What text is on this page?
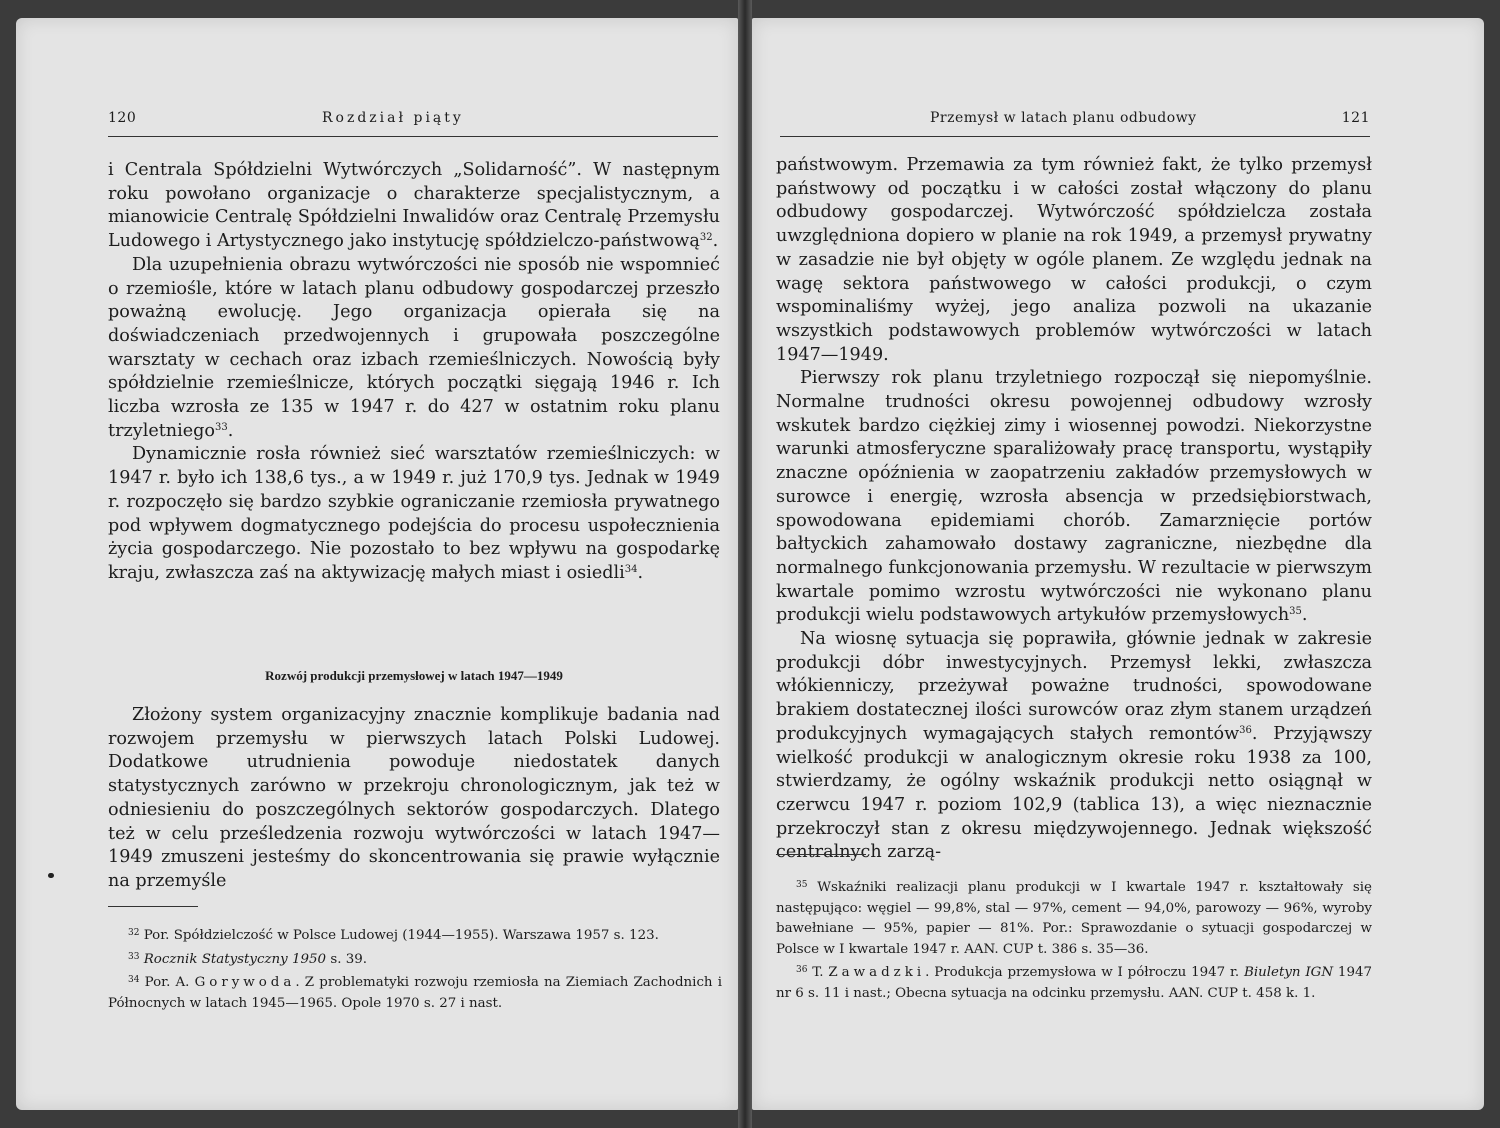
120	Rozdział piąty

i Centrala Spółdzielni Wytwórczych „Solidarność”. W następnym roku powołano organizacje o charakterze specjalistycznym, a mianowicie Centralę Spółdzielni Inwalidów oraz Centralę Przemysłu Ludowego i Artystycznego jako instytucję spółdzielczo-państwową$^{32}$.

Dla uzupełnienia obrazu wytwórczości nie sposób nie wspomnieć o rzemiośle, które w latach planu odbudowy gospodarczej przeszło poważną ewolucję. Jego organizacja opierała się na doświadczeniach przedwojennych i grupowała poszczególne warsztaty w cechach oraz izbach rzemieślniczych. Nowością były spółdzielnie rzemieślnicze, których początki sięgają 1946 r. Ich liczba wzrosła ze 135 w 1947 r. do 427 w ostatnim roku planu trzyletniego$^{33}$.

Dynamicznie rosła również sieć warsztatów rzemieślniczych: w 1947 r. było ich 138,6 tys., a w 1949 r. już 170,9 tys. Jednak w 1949 r. rozpoczęło się bardzo szybkie ograniczanie rzemiosła prywatnego pod wpływem dogmatycznego podejścia do procesu uspołecznienia życia gospodarczego. Nie pozostało to bez wpływu na gospodarkę kraju, zwłaszcza zaś na aktywizację małych miast i osiedli$^{34}$.

Rozwój produkcji przemysłowej w latach 1947—1949

Złożony system organizacyjny znacznie komplikuje badania nad rozwojem przemysłu w pierwszych latach Polski Ludowej. Dodatkowe utrudnienia powoduje niedostatek danych statystycznych zarówno w przekroju chronologicznym, jak też w odniesieniu do poszczególnych sektorów gospodarczych. Dlatego też w celu prześledzenia rozwoju wytwórczości w latach 1947—1949 zmuszeni jesteśmy do skoncentrowania się prawie wyłącznie na przemyśle

$^{32}$ Por. Spółdzielczość w Polsce Ludowej (1944—1955). Warszawa 1957 s. 123.

$^{33}$ Rocznik Statystyczny 1950 s. 39.

$^{34}$ Por. A. Gorywoda. Z problematyki rozwoju rzemiosła na Ziemiach Zachodnich i Północnych w latach 1945—1965. Opole 1970 s. 27 i nast.

Przemysł w latach planu odbudowy	121

państwowym. Przemawia za tym również fakt, że tylko przemysł państwowy od początku i w całości został włączony do planu odbudowy gospodarczej. Wytwórczość spółdzielcza została uwzględniona dopiero w planie na rok 1949, a przemysł prywatny w zasadzie nie był objęty w ogóle planem. Ze względu jednak na wagę sektora państwowego w całości produkcji, o czym wspominaliśmy wyżej, jego analiza pozwoli na ukazanie wszystkich podstawowych problemów wytwórczości w latach 1947—1949.

Pierwszy rok planu trzyletniego rozpoczął się niepomyślnie. Normalne trudności okresu powojennej odbudowy wzrosły wskutek bardzo ciężkiej zimy i wiosennej powodzi. Niekorzystne warunki atmosferyczne sparaliżowały pracę transportu, wystąpiły znaczne opóźnienia w zaopatrzeniu zakładów przemysłowych w surowce i energię, wzrosła absencja w przedsiębiorstwach, spowodowana epidemiami chorób. Zamarznięcie portów bałtyckich zahamowało dostawy zagraniczne, niezbędne dla normalnego funkcjonowania przemysłu. W rezultacie w pierwszym kwartale pomimo wzrostu wytwórczości nie wykonano planu produkcji wielu podstawowych artykułów przemysłowych$^{35}$.

Na wiosnę sytuacja się poprawiła, głównie jednak w zakresie produkcji dóbr inwestycyjnych. Przemysł lekki, zwłaszcza włókienniczy, przeżywał poważne trudności, spowodowane brakiem dostatecznej ilości surowców oraz złym stanem urządzeń produkcyjnych wymagających stałych remontów$^{36}$. Przyjąwszy wielkość produkcji w analogicznym okresie roku 1938 za 100, stwierdzamy, że ogólny wskaźnik produkcji netto osiągnął w czerwcu 1947 r. poziom 102,9 (tablica 13), a więc nieznacznie przekroczył stan z okresu międzywojennego. Jednak większość centralnych zarzą-

$^{35}$ Wskaźniki realizacji planu produkcji w I kwartale 1947 r. kształtowały się następująco: węgiel — 99,8%, stal — 97%, cement — 94,0%, parowozy — 96%, wyroby bawełniane — 95%, papier — 81%. Por.: Sprawozdanie o sytuacji gospodarczej w Polsce w I kwartale 1947 r. AAN. CUP t. 386 s. 35—36.

$^{36}$ T. Zawadzki. Produkcja przemysłowa w I półroczu 1947 r. Biuletyn IGN 1947 nr 6 s. 11 i nast.; Obecna sytuacja na odcinku przemysłu. AAN. CUP t. 458 k. 1.
